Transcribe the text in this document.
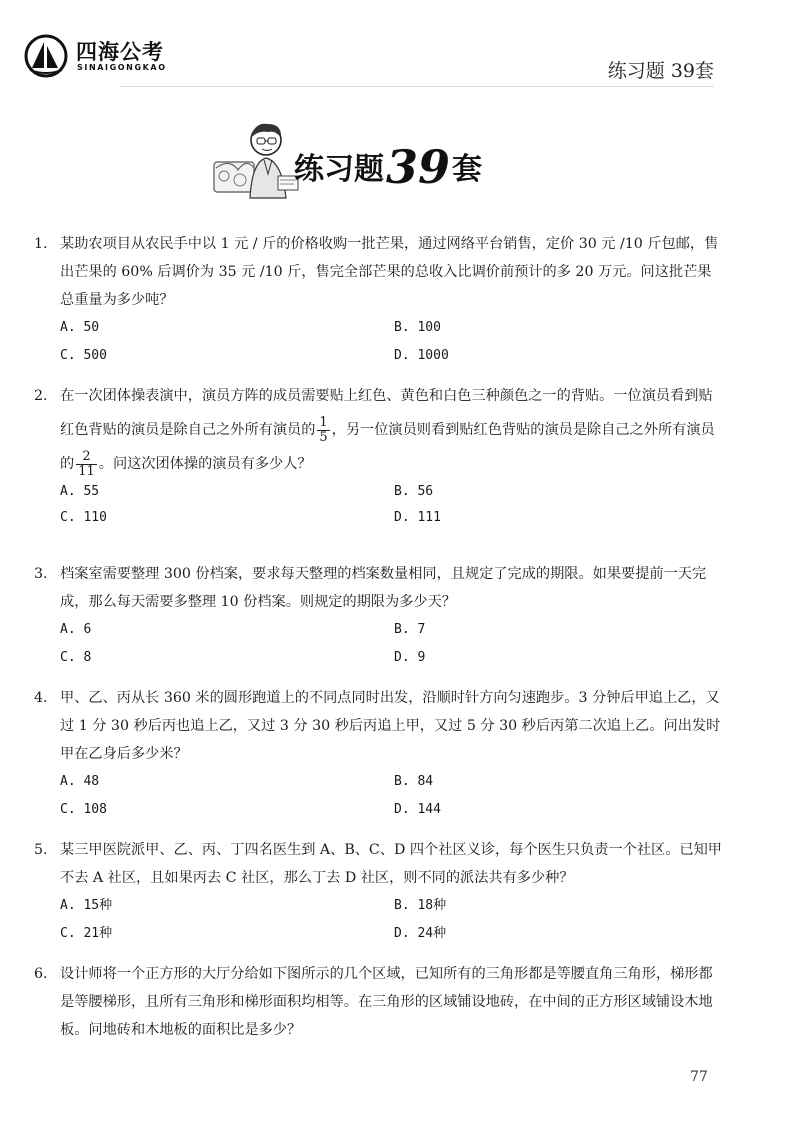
四海公考
SINAIGONGKAO	练习题 39套
练习题39套
1. 某助农项目从农民手中以 1 元 / 斤的价格收购一批芒果，通过网络平台销售，定价 30 元 /10 斤包邮，售出芒果的 60% 后调价为 35 元 /10 斤，售完全部芒果的总收入比调价前预计的多 20 万元。问这批芒果总重量为多少吨？
A. 50	B. 100
C. 500	D. 1000
2. 在一次团体操表演中，演员方阵的成员需要贴上红色、黄色和白色三种颜色之一的背贴。一位演员看到贴红色背贴的演员是除自己之外所有演员的 $\frac{1}{5}$ ，另一位演员则看到贴红色背贴的演员是除自己之外所有演员的 $\frac{2}{11}$ 。问这次团体操的演员有多少人？
A. 55	B. 56
C. 110	D. 111
3. 档案室需要整理 300 份档案，要求每天整理的档案数量相同，且规定了完成的期限。如果要提前一天完成，那么每天需要多整理 10 份档案。则规定的期限为多少天？
A. 6	B. 7
C. 8	D. 9
4. 甲、乙、丙从长 360 米的圆形跑道上的不同点同时出发，沿顺时针方向匀速跑步。3 分钟后甲追上乙，又过 1 分 30 秒后丙也追上乙，又过 3 分 30 秒后丙追上甲，又过 5 分 30 秒后丙第二次追上乙。问出发时甲在乙身后多少米？
A. 48	B. 84
C. 108	D. 144
5. 某三甲医院派甲、乙、丙、丁四名医生到 A、B、C、D 四个社区义诊，每个医生只负责一个社区。已知甲不去 A 社区，且如果丙去 C 社区，那么丁去 D 社区，则不同的派法共有多少种？
A. 15种	B. 18种
C. 21种	D. 24种
6. 设计师将一个正方形的大厅分给如下图所示的几个区域，已知所有的三角形都是等腰直角三角形，梯形都是等腰梯形，且所有三角形和梯形面积均相等。在三角形的区域铺设地砖，在中间的正方形区域铺设木地板。问地砖和木地板的面积比是多少？
77
